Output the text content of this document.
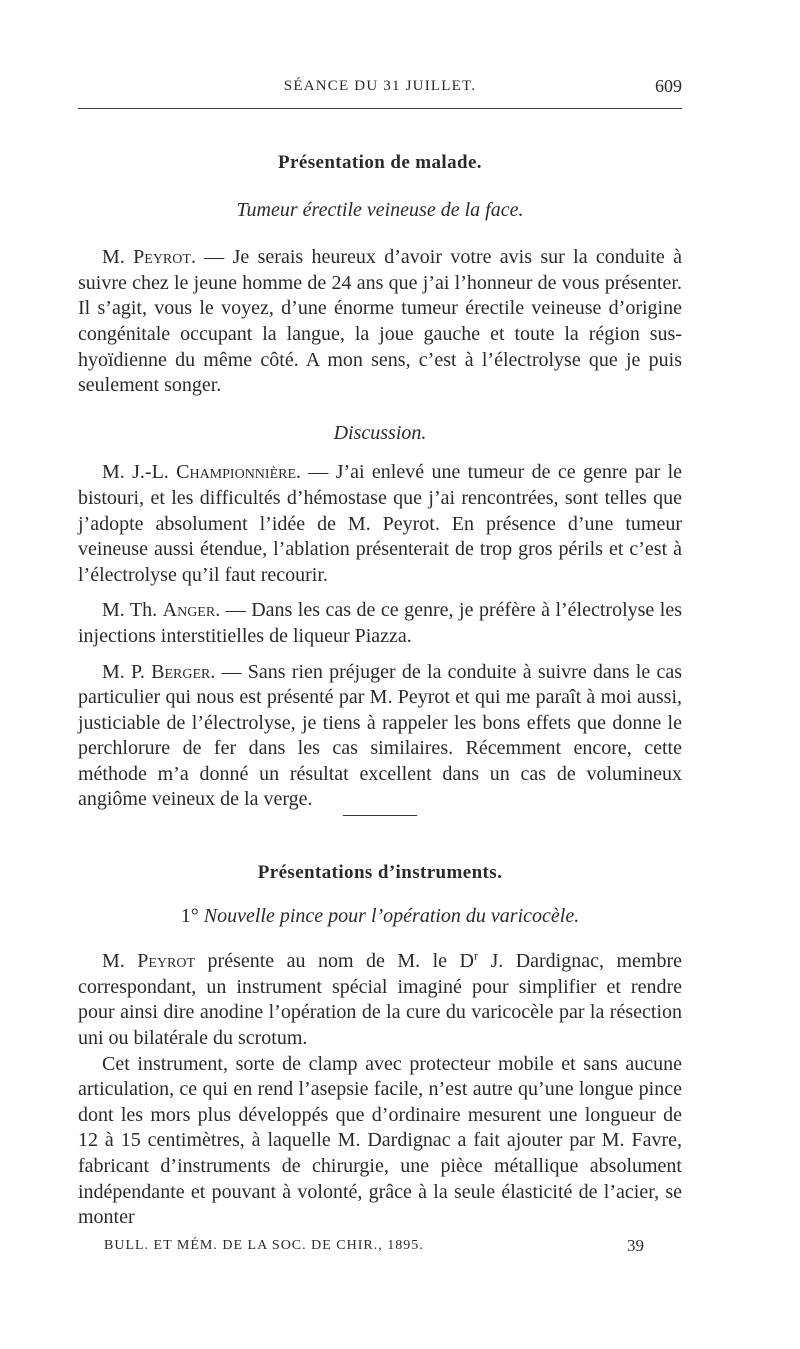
SÉANCE DU 31 JUILLET.	609
Présentation de malade.
Tumeur érectile veineuse de la face.

M. Peyrot. — Je serais heureux d’avoir votre avis sur la conduite à suivre chez le jeune homme de 24 ans que j’ai l’honneur de vous présenter. Il s’agit, vous le voyez, d’une énorme tumeur érectile veineuse d’origine congénitale occupant la langue, la joue gauche et toute la région sus-hyoïdienne du même côté. A mon sens, c’est à l’électrolyse que je puis seulement songer.

Discussion.

M. J.-L. Championnière. — J’ai enlevé une tumeur de ce genre par le bistouri, et les difficultés d’hémostase que j’ai rencontrées, sont telles que j’adopte absolument l’idée de M. Peyrot. En présence d’une tumeur veineuse aussi étendue, l’ablation présenterait de trop gros périls et c’est à l’électrolyse qu’il faut recourir.

M. Th. Anger. — Dans les cas de ce genre, je préfère à l’électrolyse les injections interstitielles de liqueur Piazza.

M. P. Berger. — Sans rien préjuger de la conduite à suivre dans le cas particulier qui nous est présenté par M. Peyrot et qui me paraît à moi aussi, justiciable de l’électrolyse, je tiens à rappeler les bons effets que donne le perchlorure de fer dans les cas similaires. Récemment encore, cette méthode m’a donné un résultat excellent dans un cas de volumineux angiôme veineux de la verge.

Présentations d’instruments.
1° Nouvelle pince pour l’opération du varicocèle.

M. Peyrot présente au nom de M. le $D^r$ J. Dardignac, membre correspondant, un instrument spécial imaginé pour simplifier et rendre pour ainsi dire anodine l’opération de la cure du varicocèle par la résection uni ou bilatérale du scrotum.

Cet instrument, sorte de clamp avec protecteur mobile et sans aucune articulation, ce qui en rend l’asepsie facile, n’est autre qu’une longue pince dont les mors plus développés que d’ordinaire mesurent une longueur de 12 à 15 centimètres, à laquelle M. Dardignac a fait ajouter par M. Favre, fabricant d’instruments de chirurgie, une pièce métallique absolument indépendante et pouvant à volonté, grâce à la seule élasticité de l’acier, se monter

BULL. ET MÉM. DE LA SOC. DE CHIR., 1895.	39
